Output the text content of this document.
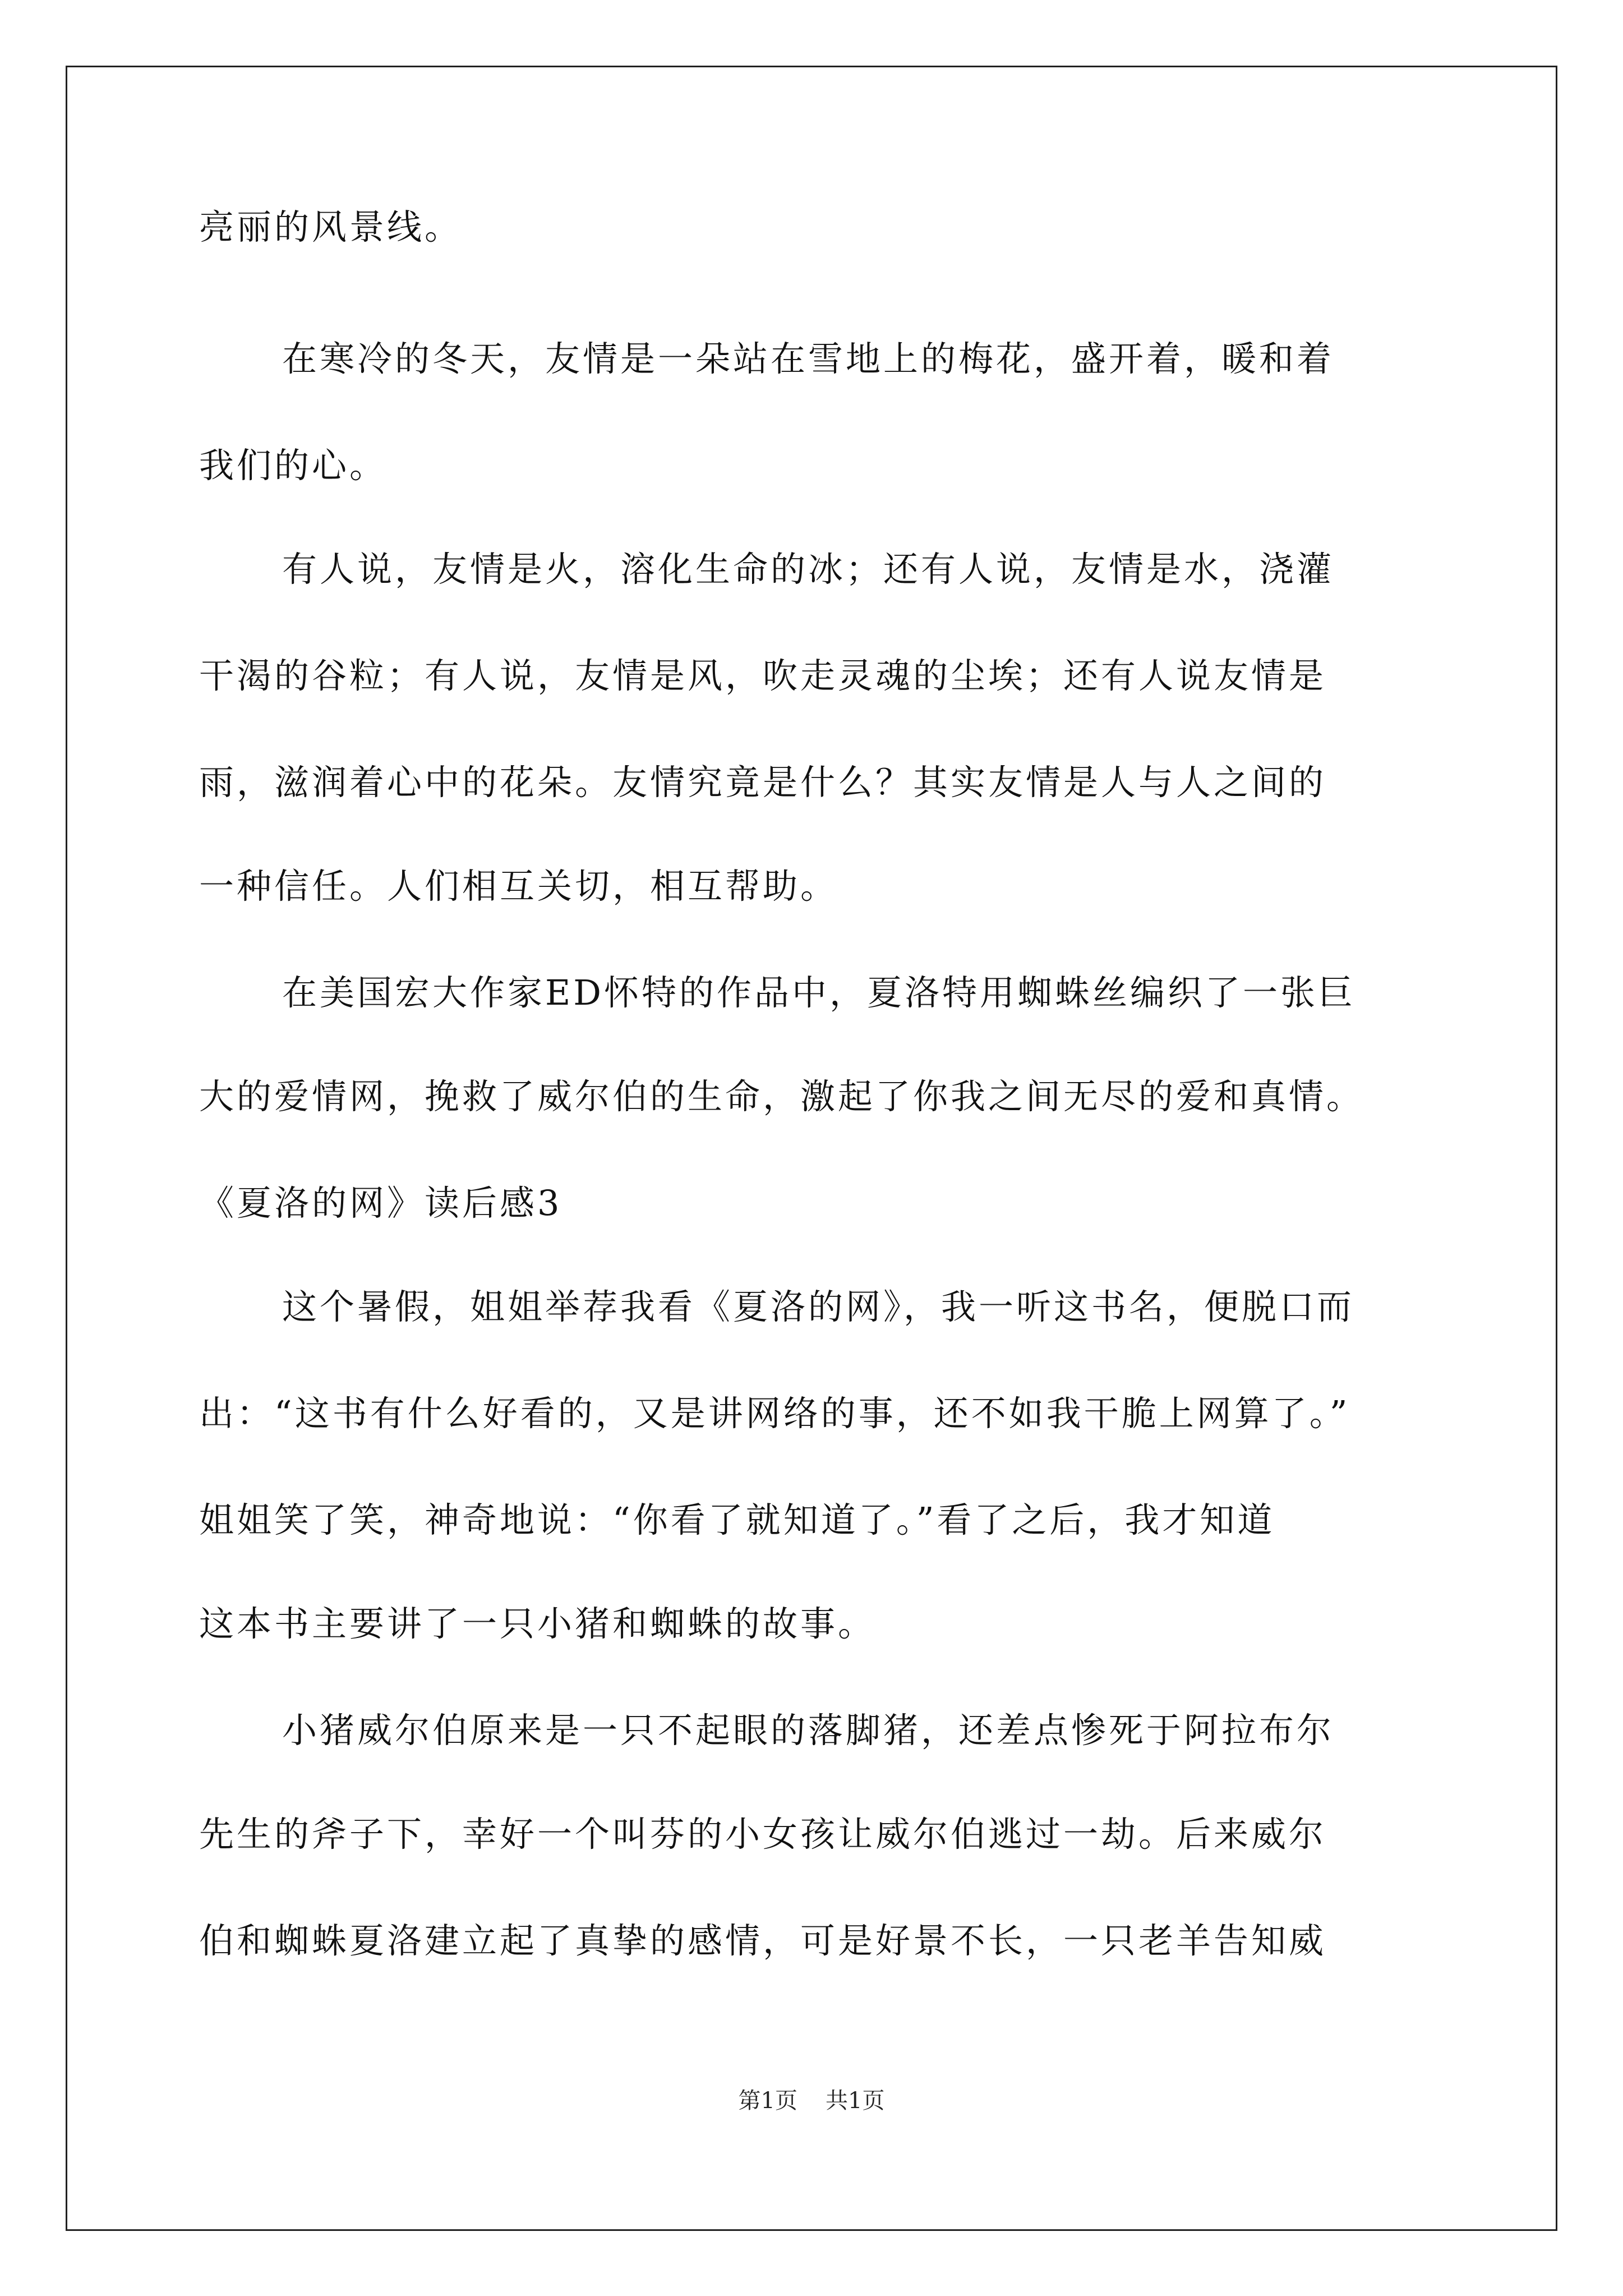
亮丽的风景线。
在寒冷的冬天，友情是一朵站在雪地上的梅花，盛开着，暖和着
我们的心。
有人说，友情是火，溶化生命的冰；还有人说，友情是水，浇灌
干渴的谷粒；有人说，友情是风，吹走灵魂的尘埃；还有人说友情是
雨，滋润着心中的花朵。友情究竟是什么？其实友情是人与人之间的
一种信任。人们相互关切，相互帮助。
在美国宏大作家ED怀特的作品中，夏洛特用蜘蛛丝编织了一张巨
大的爱情网，挽救了威尔伯的生命，激起了你我之间无尽的爱和真情。
《夏洛的网》读后感3
这个暑假，姐姐举荐我看《夏洛的网》，我一听这书名，便脱口而
出：“这书有什么好看的，又是讲网络的事，还不如我干脆上网算了。”
姐姐笑了笑，神奇地说：“你看了就知道了。”看了之后，我才知道
这本书主要讲了一只小猪和蜘蛛的故事。
小猪威尔伯原来是一只不起眼的落脚猪，还差点惨死于阿拉布尔
先生的斧子下，幸好一个叫芬的小女孩让威尔伯逃过一劫。后来威尔
伯和蜘蛛夏洛建立起了真挚的感情，可是好景不长，一只老羊告知威
第1页 共1页
